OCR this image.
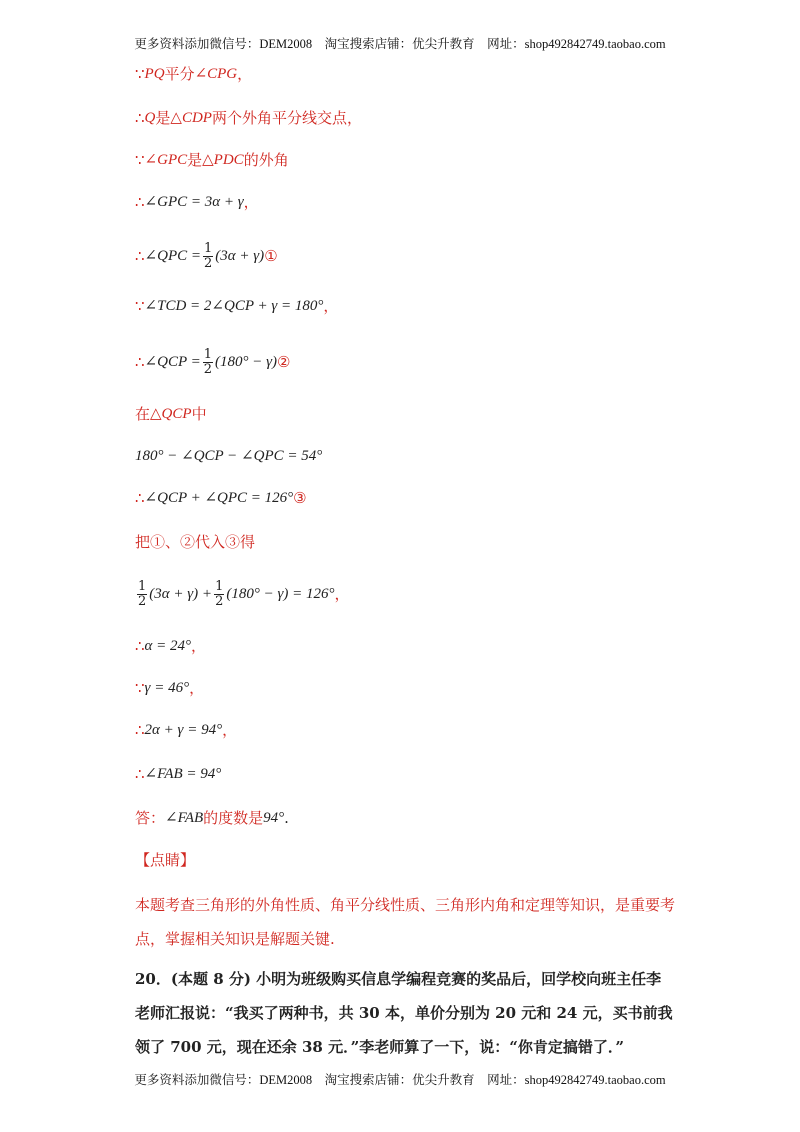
更多资料添加微信号：DEM2008　淘宝搜索店铺：优尖升教育　网址：shop492842749.taobao.com
∵ PQ 平分 ∠CPG ，
∴ Q 是 △CDP 两个外角平分线交点，
∵ ∠GPC 是 △PDC 的外角
∴ ∠GPC = 3α + γ ，
∴ ∠QPC = $\frac{1}{2} (3\alpha + \gamma)$ ①
∵ ∠TCD = 2∠QCP + γ = 180° ，
∴ ∠QCP = $\frac{1}{2} (180^\circ - \gamma)$ ②
在 △QCP 中
180° − ∠QCP − ∠QPC = 54°
∴ ∠QCP + ∠QPC = 126° ③
把①、②代入③得
$\frac{1}{2} (3\alpha + \gamma) + \frac{1}{2} (180^\circ - \gamma) = 126^\circ$ ，
∴ α = 24° ，
∵ γ = 46° ，
∴ 2α + γ = 94° ，
∴ ∠FAB = 94°
答： ∠FAB 的度数是 94° .
【点睛】
本题考查三角形的外角性质、角平分线性质、三角形内角和定理等知识，是重要考点，掌握相关知识是解题关键.
20．(本题 8 分) 小明为班级购买信息学编程竞赛的奖品后，回学校向班主任李老师汇报说：“我买了两种书，共 30 本，单价分别为 20 元和 24 元，买书前我领了 700 元，现在还余 38 元．”李老师算了一下，说：“你肯定搞错了．”
更多资料添加微信号：DEM2008　淘宝搜索店铺：优尖升教育　网址：shop492842749.taobao.com
